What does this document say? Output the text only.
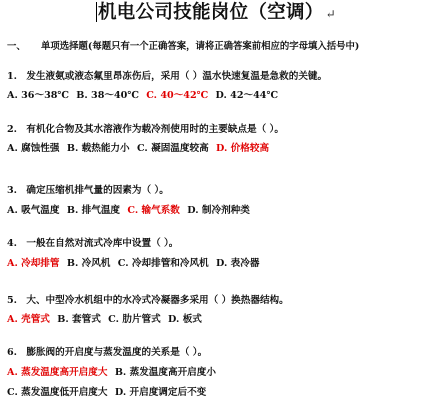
机电公司技能岗位（空调） ↵
一、 单项选择题(每题只有一个正确答案，请将正确答案前相应的字母填入括号中)
1. 发生液氨或液态氟里昂冻伤后，采用（ ）温水快速复温是急救的关键。
A. 36～38℃ B. 38～40℃ C. 40～42℃ D. 42～44℃
2. 有机化合物及其水溶液作为载冷剂使用时的主要缺点是（ ）。
A. 腐蚀性强 B. 载热能力小 C. 凝固温度较高 D. 价格较高
3. 确定压缩机排气量的因素为（ ）。
A. 吸气温度 B. 排气温度 C. 输气系数 D. 制冷剂种类
4. 一般在自然对流式冷库中设置（ ）。
A. 冷却排管 B. 冷风机 C. 冷却排管和冷风机 D. 表冷器
5. 大、中型冷水机组中的水冷式冷凝器多采用（ ）换热器结构。
A. 壳管式 B. 套管式 C. 肋片管式 D. 板式
6. 膨胀阀的开启度与蒸发温度的关系是（ ）。
A. 蒸发温度高开启度大 B. 蒸发温度高开启度小
C. 蒸发温度低开启度大 D. 开启度调定后不变
